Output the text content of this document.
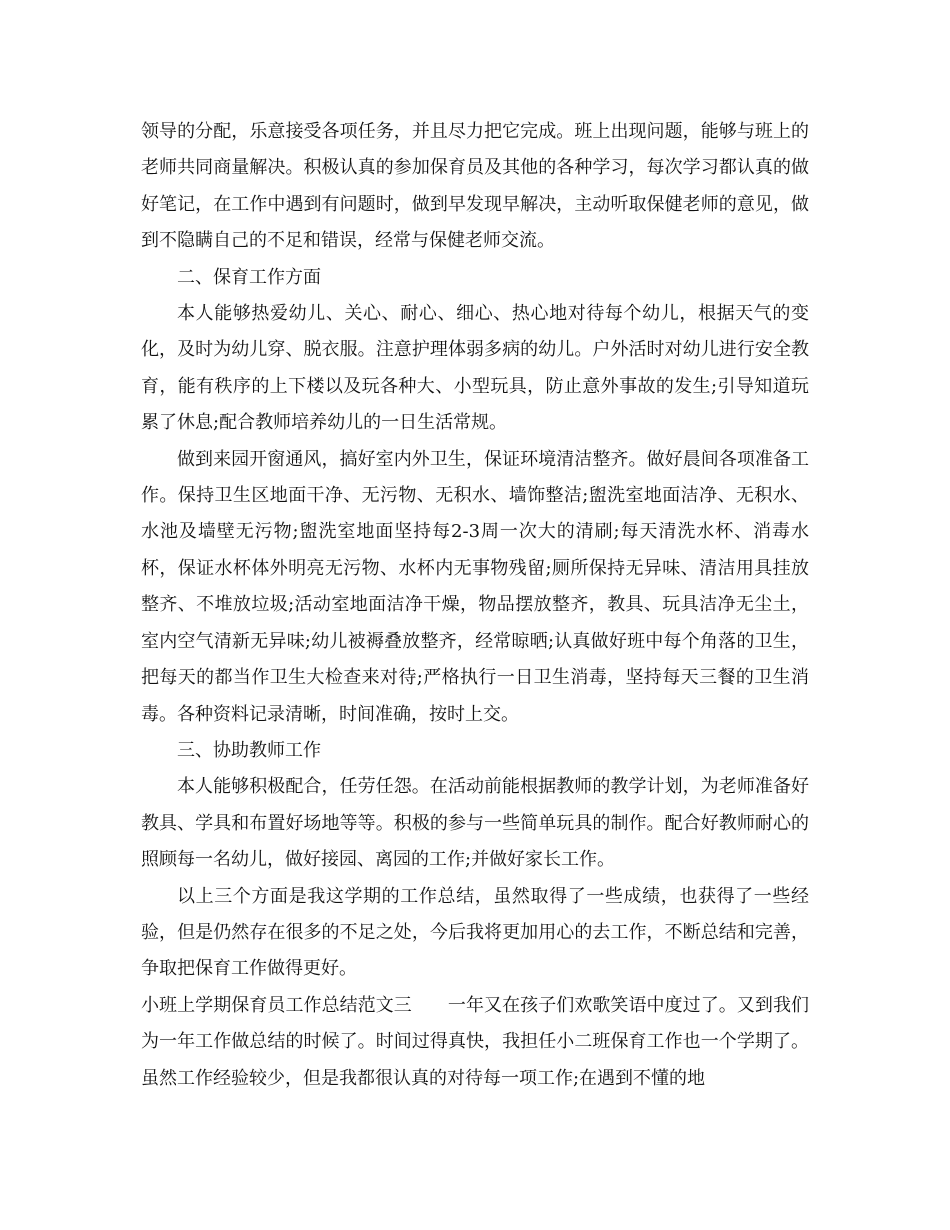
领导的分配，乐意接受各项任务，并且尽力把它完成。班上出现问题，能够与班上的老师共同商量解决。积极认真的参加保育员及其他的各种学习，每次学习都认真的做好笔记，在工作中遇到有问题时，做到早发现早解决，主动听取保健老师的意见，做到不隐瞒自己的不足和错误，经常与保健老师交流。

二、保育工作方面

本人能够热爱幼儿、关心、耐心、细心、热心地对待每个幼儿，根据天气的变化，及时为幼儿穿、脱衣服。注意护理体弱多病的幼儿。户外活时对幼儿进行安全教育，能有秩序的上下楼以及玩各种大、小型玩具，防止意外事故的发生;引导知道玩累了休息;配合教师培养幼儿的一日生活常规。

做到来园开窗通风，搞好室内外卫生，保证环境清洁整齐。做好晨间各项准备工作。保持卫生区地面干净、无污物、无积水、墙饰整洁;盥洗室地面洁净、无积水、水池及墙壁无污物;盥洗室地面坚持每2-3周一次大的清刷;每天清洗水杯、消毒水杯，保证水杯体外明亮无污物、水杯内无事物残留;厕所保持无异味、清洁用具挂放整齐、不堆放垃圾;活动室地面洁净干燥，物品摆放整齐，教具、玩具洁净无尘土，室内空气清新无异味;幼儿被褥叠放整齐，经常晾晒;认真做好班中每个角落的卫生，把每天的都当作卫生大检查来对待;严格执行一日卫生消毒，坚持每天三餐的卫生消毒。各种资料记录清晰，时间准确，按时上交。

三、协助教师工作

本人能够积极配合，任劳任怨。在活动前能根据教师的教学计划，为老师准备好教具、学具和布置好场地等等。积极的参与一些简单玩具的制作。配合好教师耐心的照顾每一名幼儿，做好接园、离园的工作;并做好家长工作。

以上三个方面是我这学期的工作总结，虽然取得了一些成绩，也获得了一些经验，但是仍然存在很多的不足之处，今后我将更加用心的去工作，不断总结和完善，争取把保育工作做得更好。

小班上学期保育员工作总结范文三 一年又在孩子们欢歌笑语中度过了。又到我们为一年工作做总结的时候了。时间过得真快，我担任小二班保育工作也一个学期了。虽然工作经验较少，但是我都很认真的对待每一项工作;在遇到不懂的地
